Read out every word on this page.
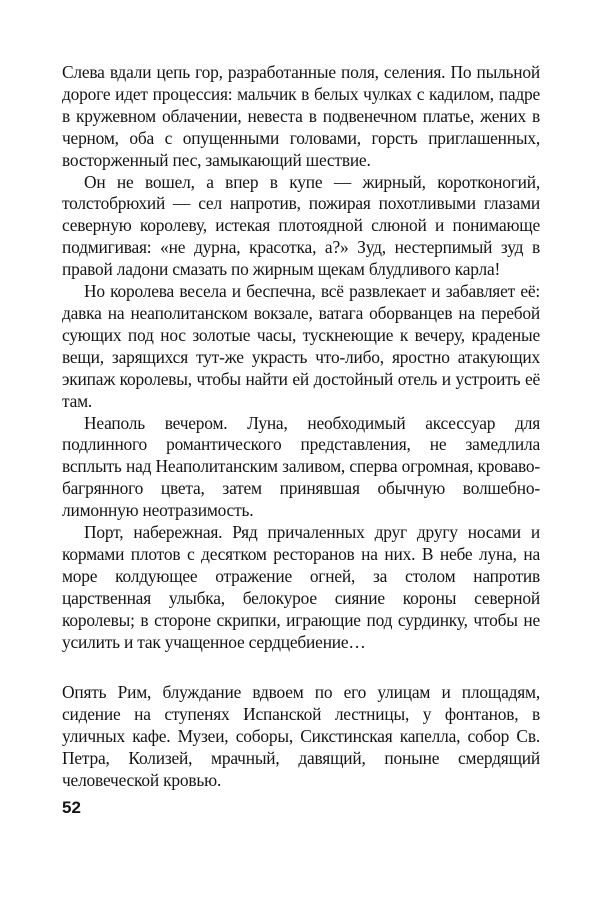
Слева вдали цепь гор, разработанные поля, селения. По пыльной дороге идет процессия: мальчик в белых чулках с кадилом, падре в кружевном облачении, невеста в подвенечном платье, жених в черном, оба с опущенными головами, горсть приглашенных, восторженный пес, замыкающий шествие.

Он не вошел, а впер в купе — жирный, коротконогий, толстобрюхий — сел напротив, пожирая похотливыми глазами северную королеву, истекая плотоядной слюной и понимающе подмигивая: «не дурна, красотка, а?» Зуд, нестерпимый зуд в правой ладони смазать по жирным щекам блудливого карла!

Но королева весела и беспечна, всё развлекает и забавляет её: давка на неаполитанском вокзале, ватага оборванцев на перебой сующих под нос золотые часы, тускнеющие к вечеру, краденые вещи, зарящихся тут-же украсть что-либо, яростно атакующих экипаж королевы, чтобы найти ей достойный отель и устроить её там.

Неаполь вечером. Луна, необходимый аксессуар для подлинного романтического представления, не замедлила всплыть над Неаполитанским заливом, сперва огромная, кроваво-багрянного цвета, затем принявшая обычную волшебно-лимонную неотразимость.

Порт, набережная. Ряд причаленных друг другу носами и кормами плотов с десятком ресторанов на них. В небе луна, на море колдующее отражение огней, за столом напротив царственная улыбка, белокурое сияние короны северной королевы; в стороне скрипки, играющие под сурдинку, чтобы не усилить и так учащенное сердцебиение…

Опять Рим, блуждание вдвоем по его улицам и площадям, сидение на ступенях Испанской лестницы, у фонтанов, в уличных кафе. Музеи, соборы, Сикстинская капелла, собор Св. Петра, Колизей, мрачный, давящий, поныне смердящий человеческой кровью.

52
